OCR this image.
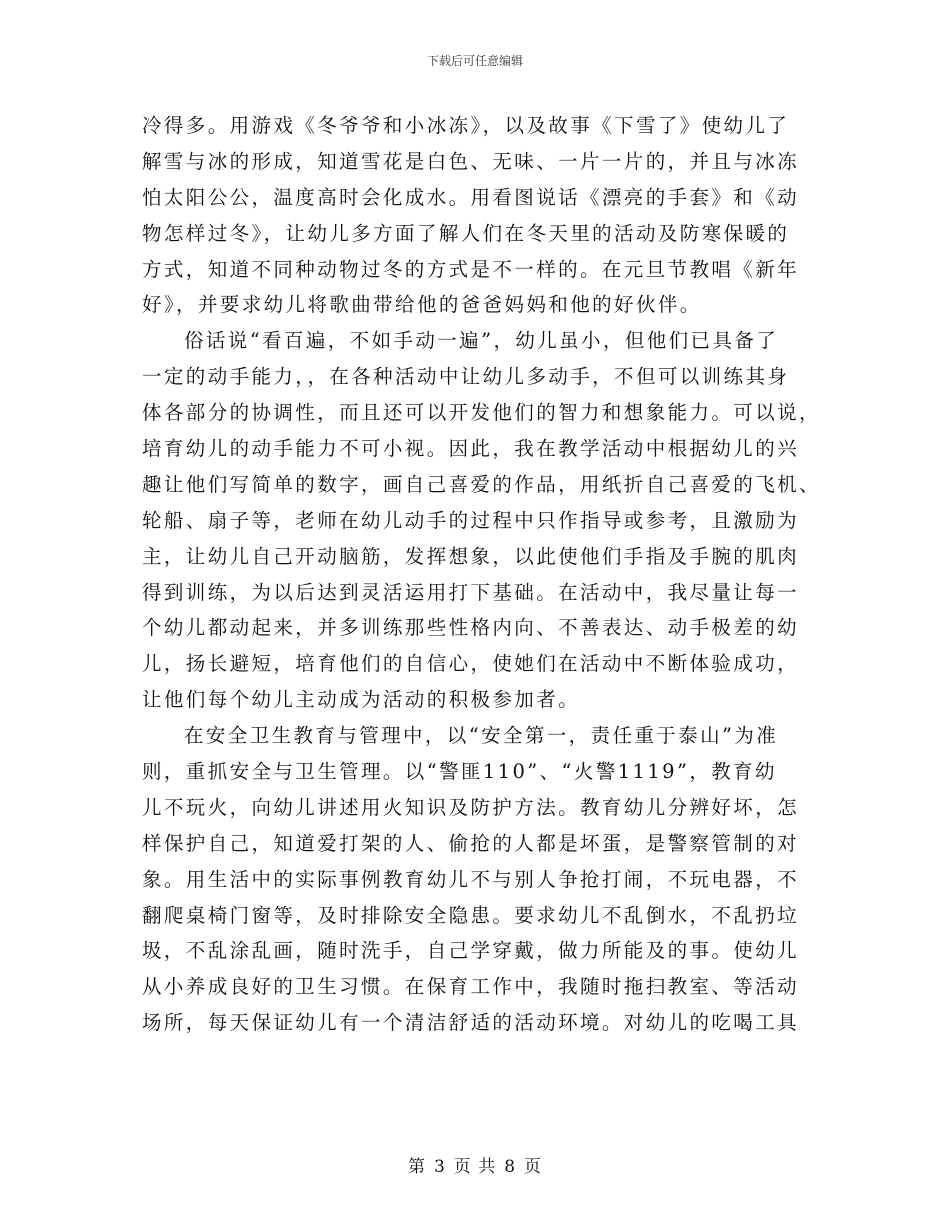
下载后可任意编辑
冷得多。用游戏《冬爷爷和小冰冻》，以及故事《下雪了》使幼儿了
解雪与冰的形成，知道雪花是白色、无味、一片一片的，并且与冰冻
怕太阳公公，温度高时会化成水。用看图说话《漂亮的手套》和《动
物怎样过冬》，让幼儿多方面了解人们在冬天里的活动及防寒保暖的
方式，知道不同种动物过冬的方式是不一样的。在元旦节教唱《新年
好》，并要求幼儿将歌曲带给他的爸爸妈妈和他的好伙伴。
俗话说“看百遍，不如手动一遍”，幼儿虽小，但他们已具备了
一定的动手能力，，在各种活动中让幼儿多动手，不但可以训练其身
体各部分的协调性，而且还可以开发他们的智力和想象能力。可以说，
培育幼儿的动手能力不可小视。因此，我在教学活动中根据幼儿的兴
趣让他们写简单的数字，画自己喜爱的作品，用纸折自己喜爱的飞机、
轮船、扇子等，老师在幼儿动手的过程中只作指导或参考，且激励为
主，让幼儿自己开动脑筋，发挥想象，以此使他们手指及手腕的肌肉
得到训练，为以后达到灵活运用打下基础。在活动中，我尽量让每一
个幼儿都动起来，并多训练那些性格内向、不善表达、动手极差的幼
儿，扬长避短，培育他们的自信心，使她们在活动中不断体验成功，
让他们每个幼儿主动成为活动的积极参加者。
在安全卫生教育与管理中，以“安全第一，责任重于泰山”为准
则，重抓安全与卫生管理。以“警匪110”、“火警1119”，教育幼
儿不玩火，向幼儿讲述用火知识及防护方法。教育幼儿分辨好坏，怎
样保护自己，知道爱打架的人、偷抢的人都是坏蛋，是警察管制的对
象。用生活中的实际事例教育幼儿不与别人争抢打闹，不玩电器，不
翻爬桌椅门窗等，及时排除安全隐患。要求幼儿不乱倒水，不乱扔垃
圾，不乱涂乱画，随时洗手，自己学穿戴，做力所能及的事。使幼儿
从小养成良好的卫生习惯。在保育工作中，我随时拖扫教室、等活动
场所，每天保证幼儿有一个清洁舒适的活动环境。对幼儿的吃喝工具
第 3 页 共 8 页
